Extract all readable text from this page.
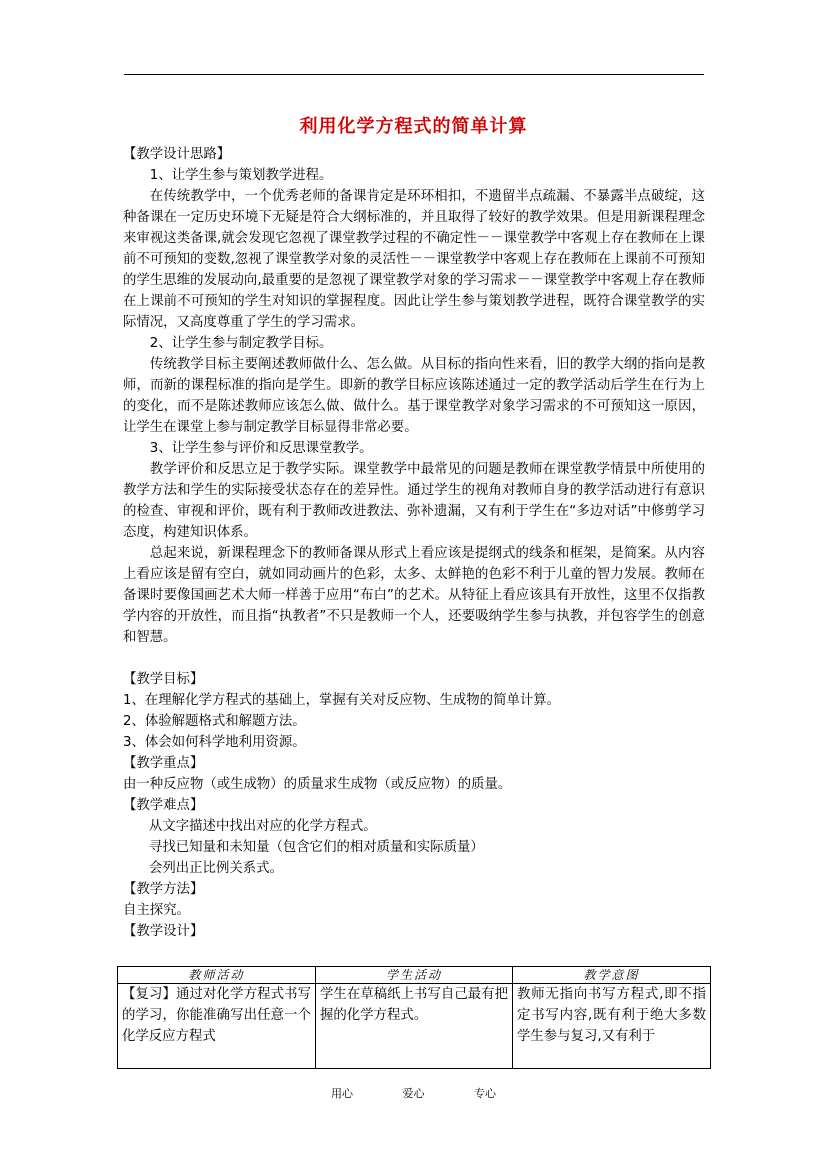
利用化学方程式的简单计算

【教学设计思路】

1、让学生参与策划教学进程。

在传统教学中，一个优秀老师的备课肯定是环环相扣，不遗留半点疏漏、不暴露半点破绽，这种备课在一定历史环境下无疑是符合大纲标准的，并且取得了较好的教学效果。但是用新课程理念来审视这类备课,就会发现它忽视了课堂教学过程的不确定性－－课堂教学中客观上存在教师在上课前不可预知的变数,忽视了课堂教学对象的灵活性－－课堂教学中客观上存在教师在上课前不可预知的学生思维的发展动向,最重要的是忽视了课堂教学对象的学习需求－－课堂教学中客观上存在教师在上课前不可预知的学生对知识的掌握程度。因此让学生参与策划教学进程，既符合课堂教学的实际情况，又高度尊重了学生的学习需求。

2、让学生参与制定教学目标。

传统教学目标主要阐述教师做什么、怎么做。从目标的指向性来看，旧的教学大纲的指向是教师，而新的课程标准的指向是学生。即新的教学目标应该陈述通过一定的教学活动后学生在行为上的变化，而不是陈述教师应该怎么做、做什么。基于课堂教学对象学习需求的不可预知这一原因，让学生在课堂上参与制定教学目标显得非常必要。

3、让学生参与评价和反思课堂教学。

教学评价和反思立足于教学实际。课堂教学中最常见的问题是教师在课堂教学情景中所使用的教学方法和学生的实际接受状态存在的差异性。通过学生的视角对教师自身的教学活动进行有意识的检查、审视和评价，既有利于教师改进教法、弥补遗漏，又有利于学生在“多边对话”中修剪学习态度，构建知识体系。

总起来说，新课程理念下的教师备课从形式上看应该是提纲式的线条和框架，是简案。从内容上看应该是留有空白，就如同动画片的色彩，太多、太鲜艳的色彩不利于儿童的智力发展。教师在备课时要像国画艺术大师一样善于应用“布白”的艺术。从特征上看应该具有开放性，这里不仅指教学内容的开放性，而且指“执教者”不只是教师一个人，还要吸纳学生参与执教，并包容学生的创意和智慧。

【教学目标】

1、在理解化学方程式的基础上，掌握有关对反应物、生成物的简单计算。

2、体验解题格式和解题方法。

3、体会如何科学地利用资源。

【教学重点】

由一种反应物（或生成物）的质量求生成物（或反应物）的质量。

【教学难点】

从文字描述中找出对应的化学方程式。

寻找已知量和未知量（包含它们的相对质量和实际质量）

会列出正比例关系式。

【教学方法】

自主探究。

【教学设计】

教师活动	学生活动	教学意图
【复习】通过对化学方程式书写的学习，你能准确写出任意一个化学反应方程式	学生在草稿纸上书写自己最有把握的化学方程式。	教师无指向书写方程式,即不指定书写内容,既有利于绝大多数学生参与复习,又有利于
用心	爱心	专心
